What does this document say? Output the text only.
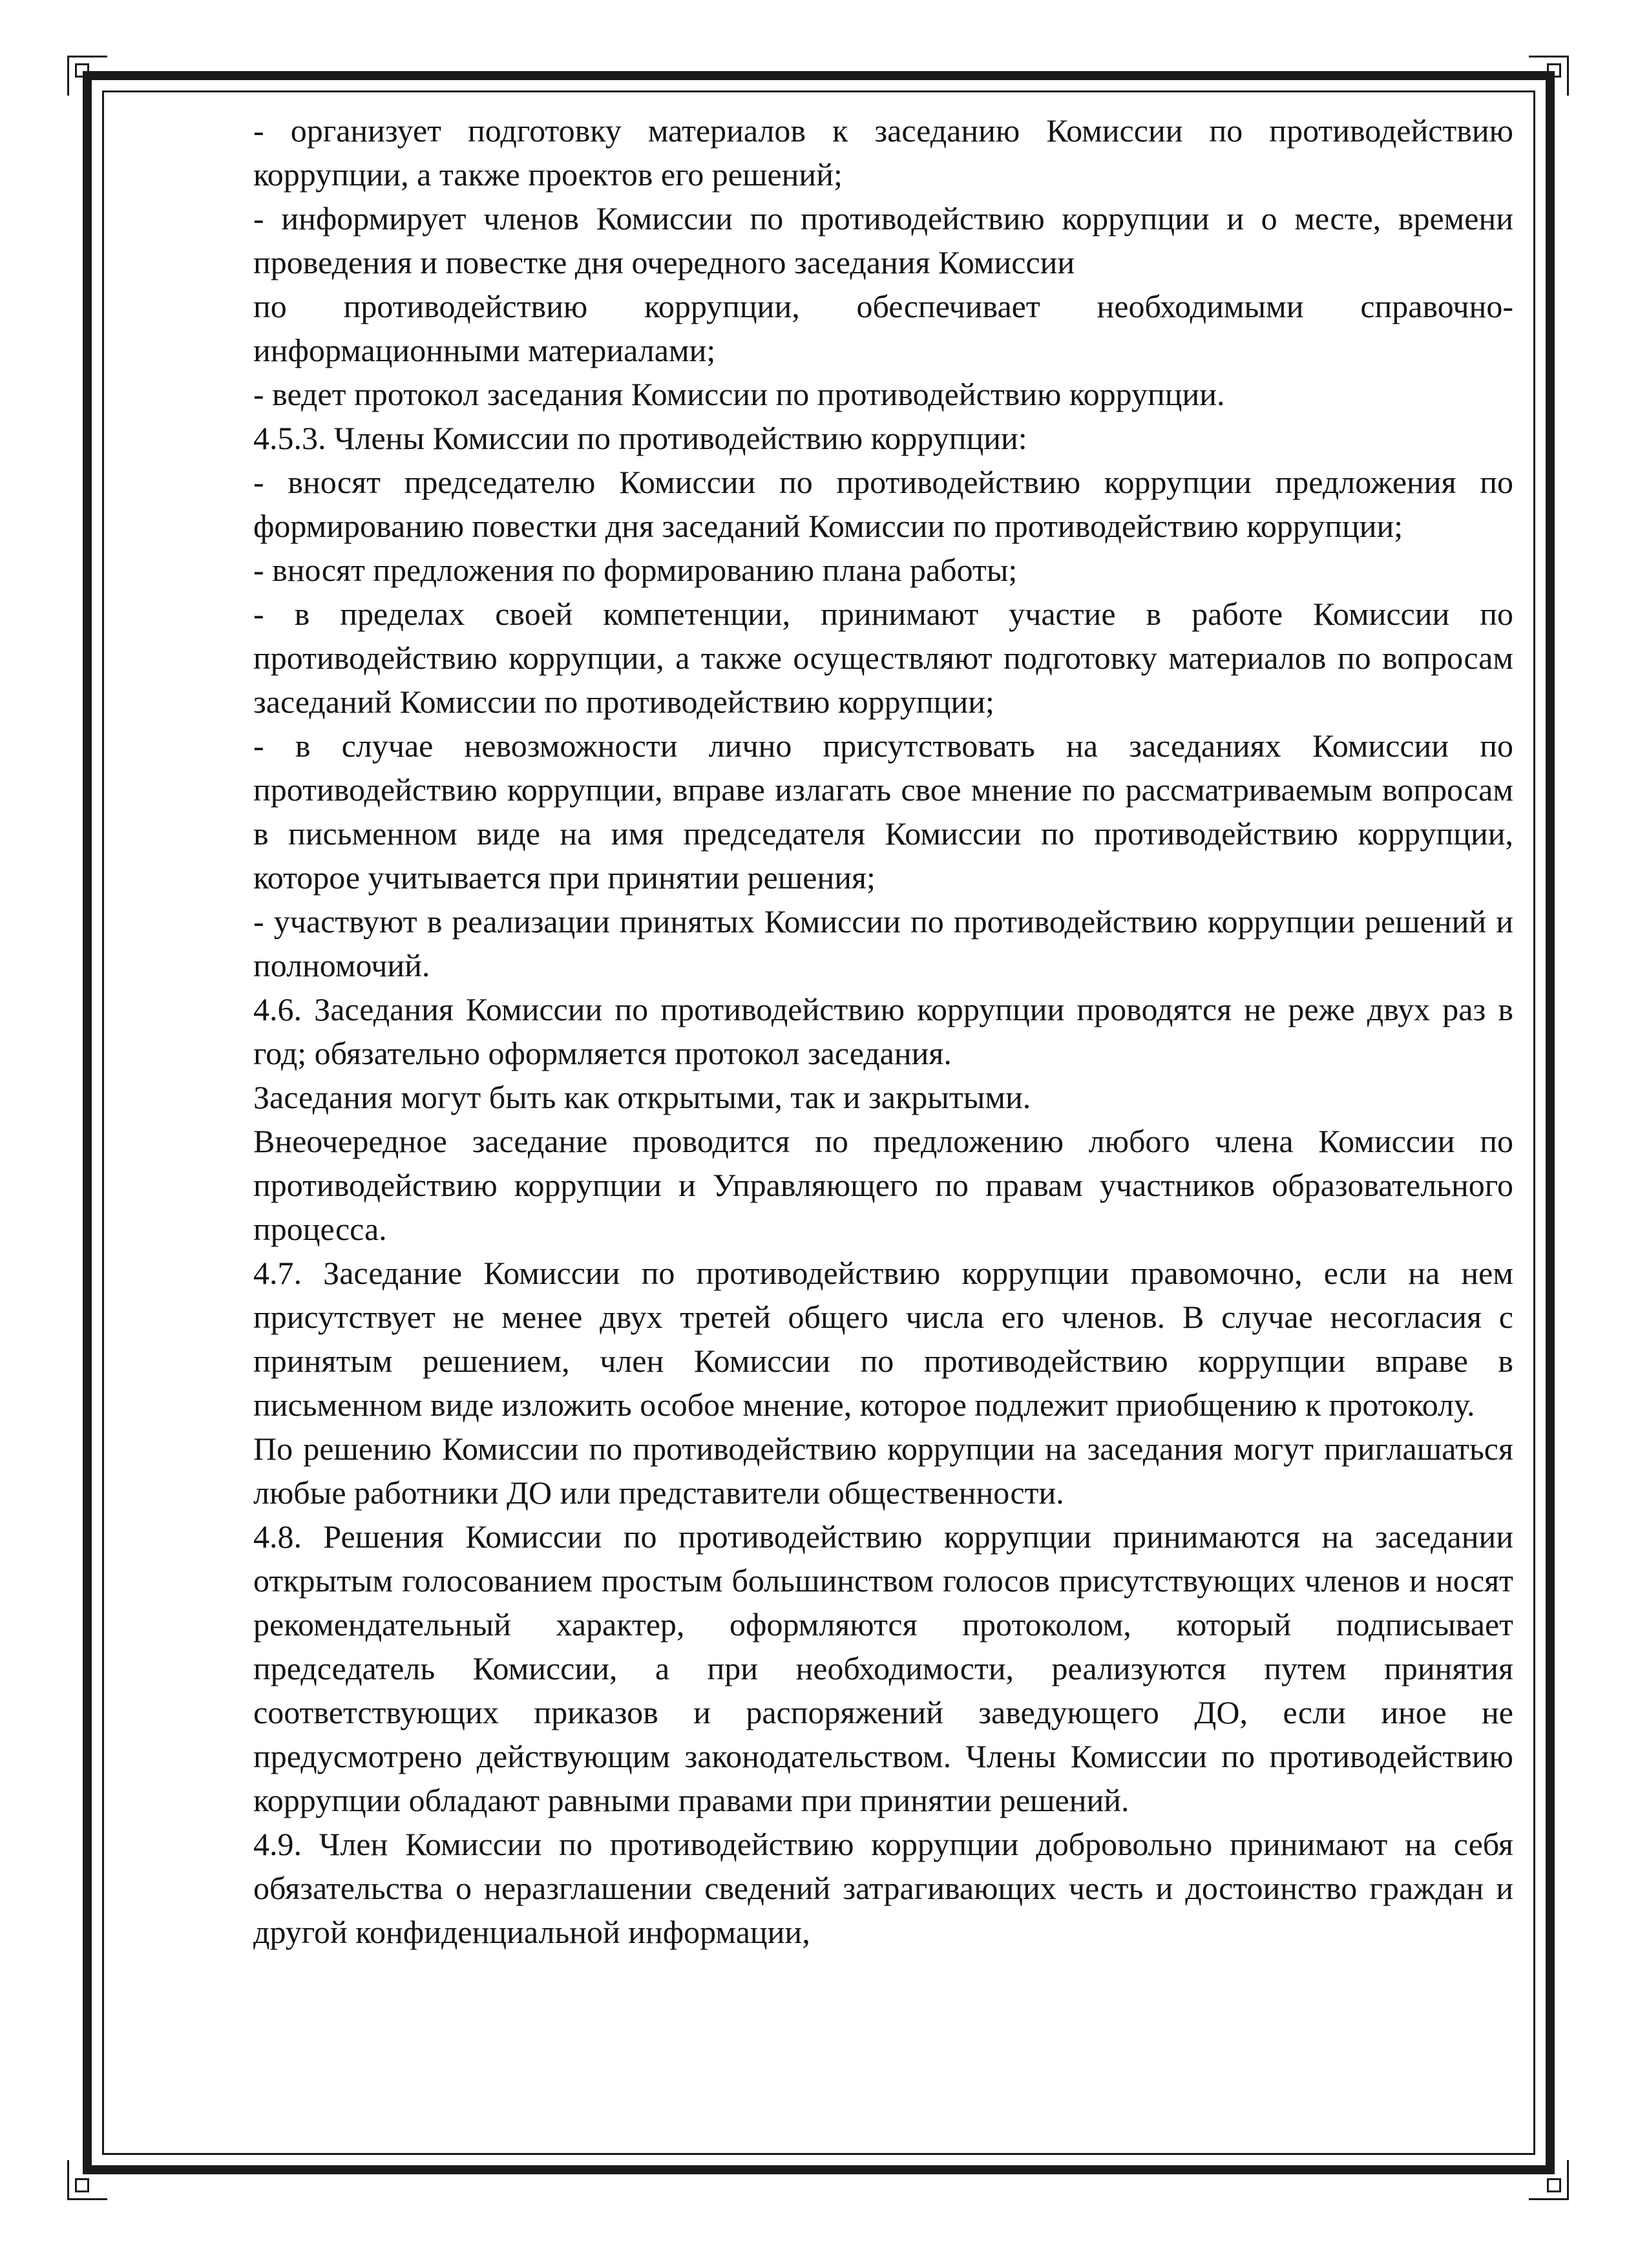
- организует подготовку материалов к заседанию Комиссии по противодействию коррупции, а также проектов его решений;

- информирует членов Комиссии по противодействию коррупции и о месте, времени проведения и повестке дня очередного заседания Комиссии

по противодействию коррупции, обеспечивает необходимыми справочно-информационными материалами;

- ведет протокол заседания Комиссии по противодействию коррупции.

4.5.3. Члены Комиссии по противодействию коррупции:

- вносят председателю Комиссии по противодействию коррупции предложения по формированию повестки дня заседаний Комиссии по противодействию коррупции;

- вносят предложения по формированию плана работы;

- в пределах своей компетенции, принимают участие в работе Комиссии по противодействию коррупции, а также осуществляют подготовку материалов по вопросам заседаний Комиссии по противодействию коррупции;

- в случае невозможности лично присутствовать на заседаниях Комиссии по противодействию коррупции, вправе излагать свое мнение по рассматриваемым вопросам в письменном виде на имя председателя Комиссии по противодействию коррупции, которое учитывается при принятии решения;

- участвуют в реализации принятых Комиссии по противодействию коррупции решений и полномочий.

4.6. Заседания Комиссии по противодействию коррупции проводятся не реже двух раз в год; обязательно оформляется протокол заседания.

Заседания могут быть как открытыми, так и закрытыми.

Внеочередное заседание проводится по предложению любого члена Комиссии по противодействию коррупции и Управляющего по правам участников образовательного процесса.

4.7. Заседание Комиссии по противодействию коррупции правомочно, если на нем присутствует не менее двух третей общего числа его членов. В случае несогласия с принятым решением, член Комиссии по противодействию коррупции вправе в письменном виде изложить особое мнение, которое подлежит приобщению к протоколу.

По решению Комиссии по противодействию коррупции на заседания могут приглашаться любые работники ДО или представители общественности.

4.8. Решения Комиссии по противодействию коррупции принимаются на заседании открытым голосованием простым большинством голосов присутствующих членов и носят рекомендательный характер, оформляются протоколом, который подписывает председатель Комиссии, а при необходимости, реализуются путем принятия соответствующих приказов и распоряжений заведующего ДО, если иное не предусмотрено действующим законодательством. Члены Комиссии по противодействию коррупции обладают равными правами при принятии решений.

4.9. Член Комиссии по противодействию коррупции добровольно принимают на себя обязательства о неразглашении сведений затрагивающих честь и достоинство граждан и другой конфиденциальной информации,
